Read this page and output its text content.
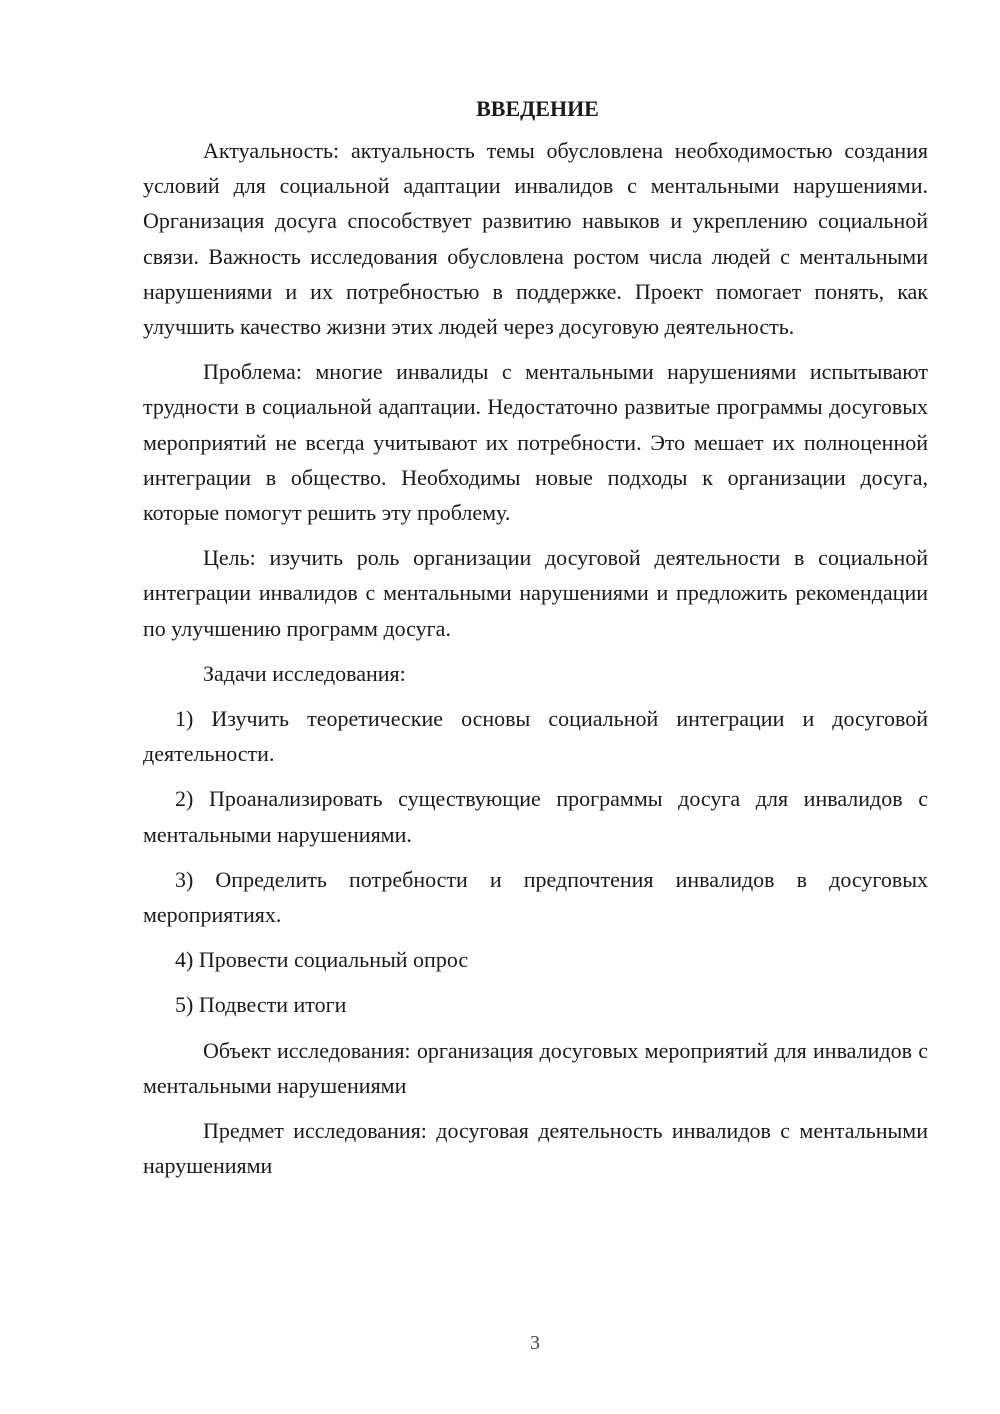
ВВЕДЕНИЕ

Актуальность: актуальность темы обусловлена необходимостью создания условий для социальной адаптации инвалидов с ментальными нарушениями. Организация досуга способствует развитию навыков и укреплению социальной связи. Важность исследования обусловлена ростом числа людей с ментальными нарушениями и их потребностью в поддержке. Проект помогает понять, как улучшить качество жизни этих людей через досуговую деятельность.

Проблема: многие инвалиды с ментальными нарушениями испытывают трудности в социальной адаптации. Недостаточно развитые программы досуговых мероприятий не всегда учитывают их потребности. Это мешает их полноценной интеграции в общество. Необходимы новые подходы к организации досуга, которые помогут решить эту проблему.

Цель: изучить роль организации досуговой деятельности в социальной интеграции инвалидов с ментальными нарушениями и предложить рекомендации по улучшению программ досуга.

Задачи исследования:

1) Изучить теоретические основы социальной интеграции и досуговой деятельности.

2) Проанализировать существующие программы досуга для инвалидов с ментальными нарушениями.

3) Определить потребности и предпочтения инвалидов в досуговых мероприятиях.

4) Провести социальный опрос

5) Подвести итоги

Объект исследования: организация досуговых мероприятий для инвалидов с ментальными нарушениями

Предмет исследования: досуговая деятельность инвалидов с ментальными нарушениями

3
